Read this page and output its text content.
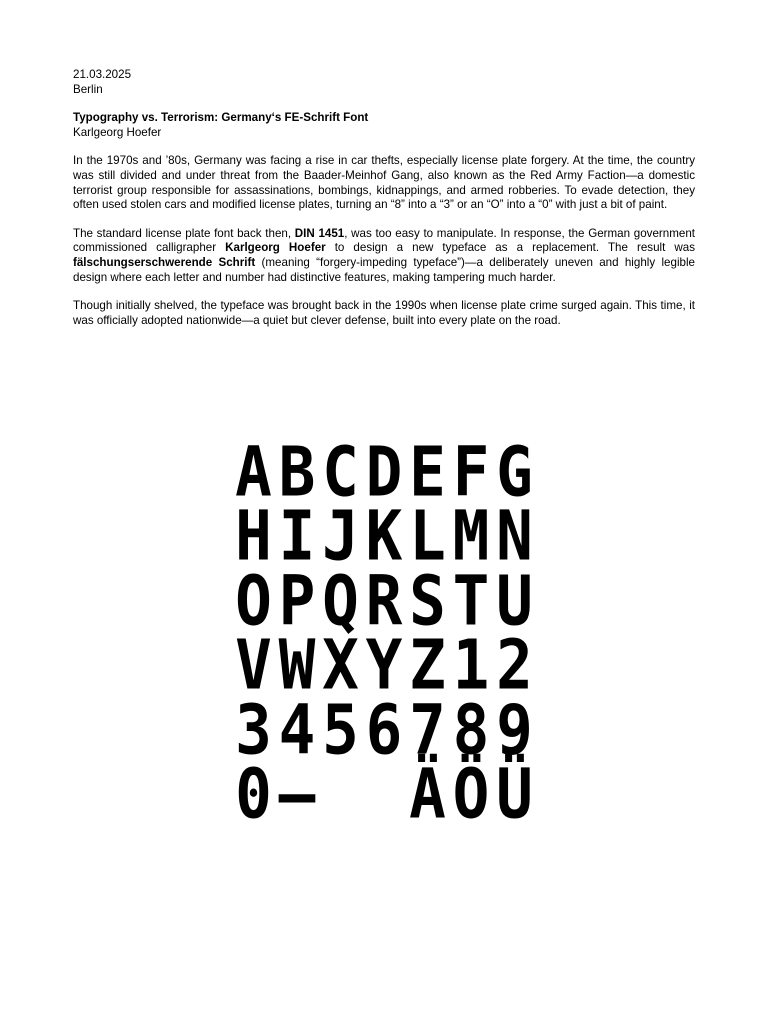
21.03.2025
Berlin
Typography vs. Terrorism: Germany‘s FE-Schrift Font
Karlgeorg Hoefer

In the 1970s and ’80s, Germany was facing a rise in car thefts, especially license plate forgery. At the time, the country was still divided and under threat from the Baader-Meinhof Gang, also known as the Red Army Faction—a domestic terrorist group responsible for assassinations, bombings, kidnappings, and armed robberies. To evade detection, they often used stolen cars and modified license plates, turning an “8” into a “3” or an “O” into a “0” with just a bit of paint.

The standard license plate font back then, DIN 1451, was too easy to manipulate. In response, the German government commissioned calligrapher Karlgeorg Hoefer to design a new typeface as a replacement. The result was fälschungserschwerende Schrift (meaning “forgery-impeding typeface”)—a deliberately uneven and highly legible design where each letter and number had distinctive features, making tampering much harder.

Though initially shelved, the typeface was brought back in the 1990s when license plate crime surged again. This time, it was officially adopted nationwide—a quiet but clever defense, built into every plate on the road.

A B C D E F G
H I J K L M N
O P Q R S T U
V W X Y Z 1 2
3 4 5 6 7 8 9
0 – Ä Ö Ü
